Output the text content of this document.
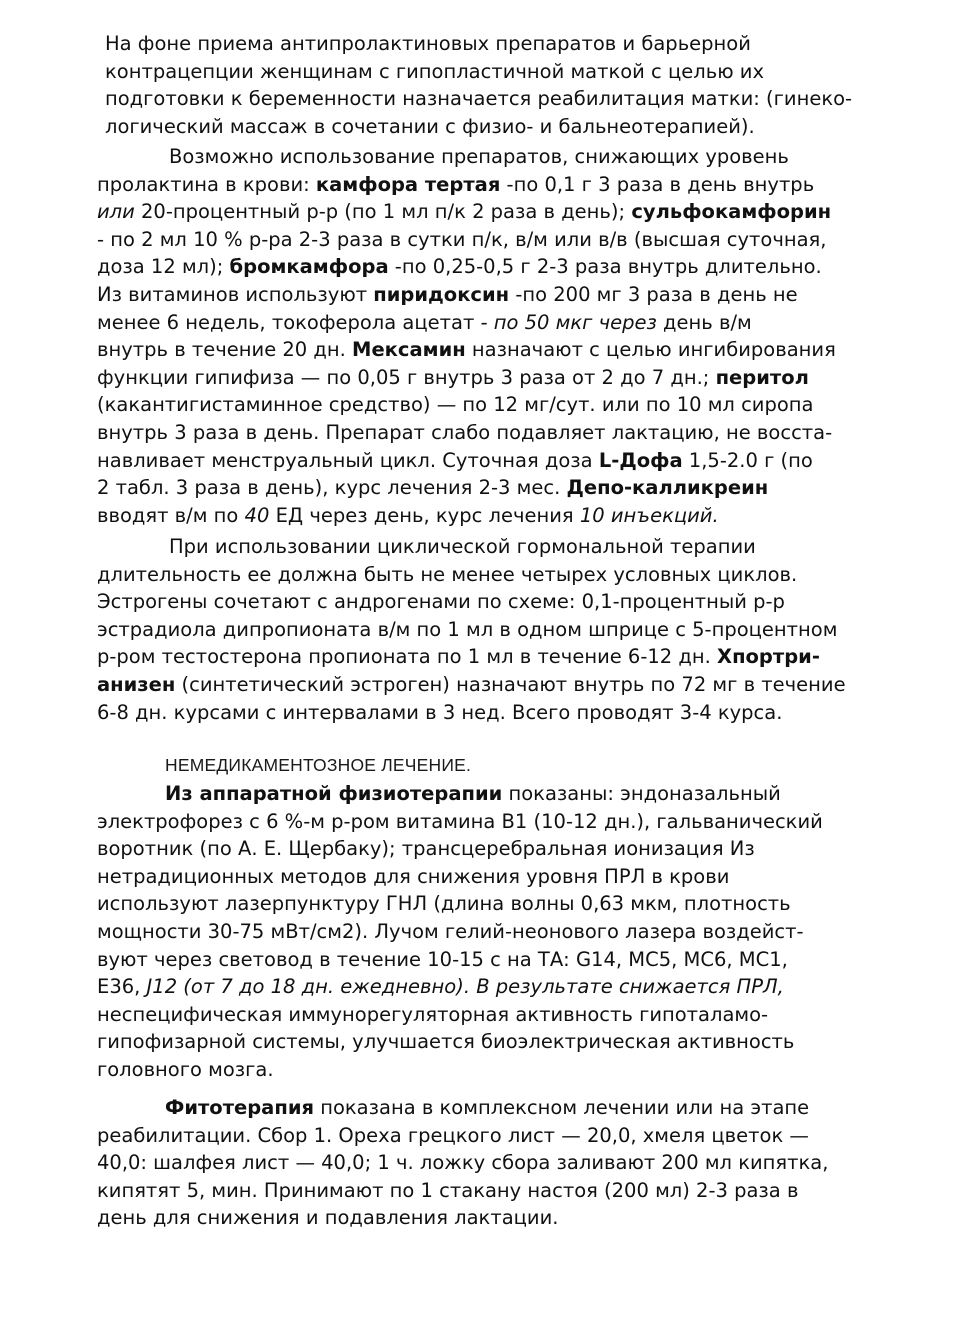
На фоне приема антипролактиновых препаратов и барьерной
контрацепции женщинам с гипопластичной маткой с целью их
подготовки к беременности назначается реабилитация матки: (гинеко-
логический массаж в сочетании с физио- и бальнеотерапией).
Возможно использование препаратов, снижающих уровень
пролактина в крови: камфора тертая -по 0,1 г 3 раза в день внутрь
или 20-процентный р-р (по 1 мл п/к 2 раза в день); сульфокамфорин
- по 2 мл 10 % р-ра 2-3 раза в сутки п/к, в/м или в/в (высшая суточная,
доза 12 мл); бромкамфора -по 0,25-0,5 г 2-3 раза внутрь длительно.
Из витаминов используют пиридоксин -по 200 мг 3 раза в день не
менее 6 недель, токоферола ацетат - по 50 мкг через день в/м
внутрь в течение 20 дн. Мексамин назначают с целью ингибирования
функции гипифиза — по 0,05 г внутрь 3 раза от 2 до 7 дн.; перитол
(какантигистаминное средство) — по 12 мг/сут. или по 10 мл сиропа
внутрь 3 раза в день. Препарат слабо подавляет лактацию, не восста-
навливает менструальный цикл. Суточная доза L-Дофа 1,5-2.0 г (по
2 табл. 3 раза в день), курс лечения 2-3 мес. Депо-калликреин
вводят в/м по 40 ЕД через день, курс лечения 10 инъекций.
При использовании циклической гормональной терапии
длительность ее должна быть не менее четырех условных циклов.
Эстрогены сочетают с андрогенами по схеме: 0,1-процентный р-р
эстрадиола дипропионата в/м по 1 мл в одном шприце с 5-процентном
р-ром тестостерона пропионата по 1 мл в течение 6-12 дн. Хпортри-
анизен (синтетический эстроген) назначают внутрь по 72 мг в течение
6-8 дн. курсами с интервалами в 3 нед. Всего проводят 3-4 курса.

НЕМЕДИКАМЕНТОЗНОЕ ЛЕЧЕНИЕ.

Из аппаратной физиотерапии показаны: эндоназальный
электрофорез с 6 %-м р-ром витамина В1 (10-12 дн.), гальванический
воротник (по А. Е. Щербаку); трансцеребральная ионизация Из
нетрадиционных методов для снижения уровня ПРЛ в крови
используют лазерпунктуру ГНЛ (длина волны 0,63 мкм, плотность
мощности 30-75 мВт/см2). Лучом гелий-неонового лазера воздейст-
вуют через световод в течение 10-15 с на ТА: G14, МС5, МС6, МС1,
Е36, J12 (от 7 до 18 дн. ежедневно). В результате снижается ПРЛ,
неспецифическая иммунорегуляторная активность гипоталамо-
гипофизарной системы, улучшается биоэлектрическая активность
головного мозга.
Фитотерапия показана в комплексном лечении или на этапе
реабилитации. Сбор 1. Ореха грецкого лист — 20,0, хмеля цветок —
40,0: шалфея лист — 40,0; 1 ч. ложку сбора заливают 200 мл кипятка,
кипятят 5, мин. Принимают по 1 стакану настоя (200 мл) 2-3 раза в
день для снижения и подавления лактации.
